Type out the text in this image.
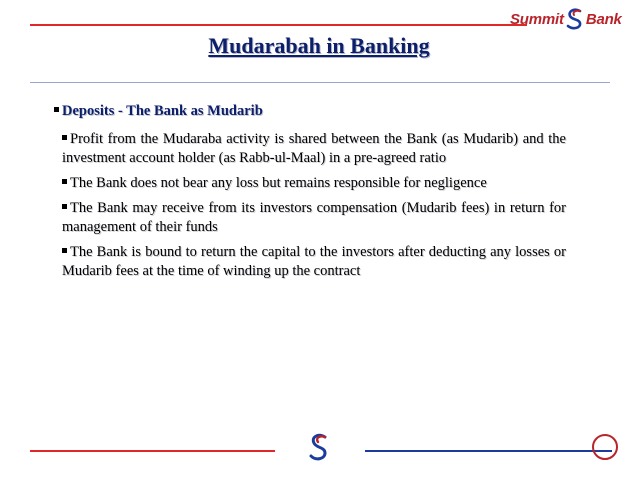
Summit Bank
Mudarabah in Banking
Deposits - The Bank as Mudarib
Profit from the Mudaraba activity is shared between the Bank (as Mudarib) and the investment account holder (as Rabb-ul-Maal) in a pre-agreed ratio
The Bank does not bear any loss but remains responsible for negligence
The Bank may receive from its investors compensation (Mudarib fees) in return for management of their funds
The Bank is bound to return the capital to the investors after deducting any losses or Mudarib fees at the time of winding up the contract
